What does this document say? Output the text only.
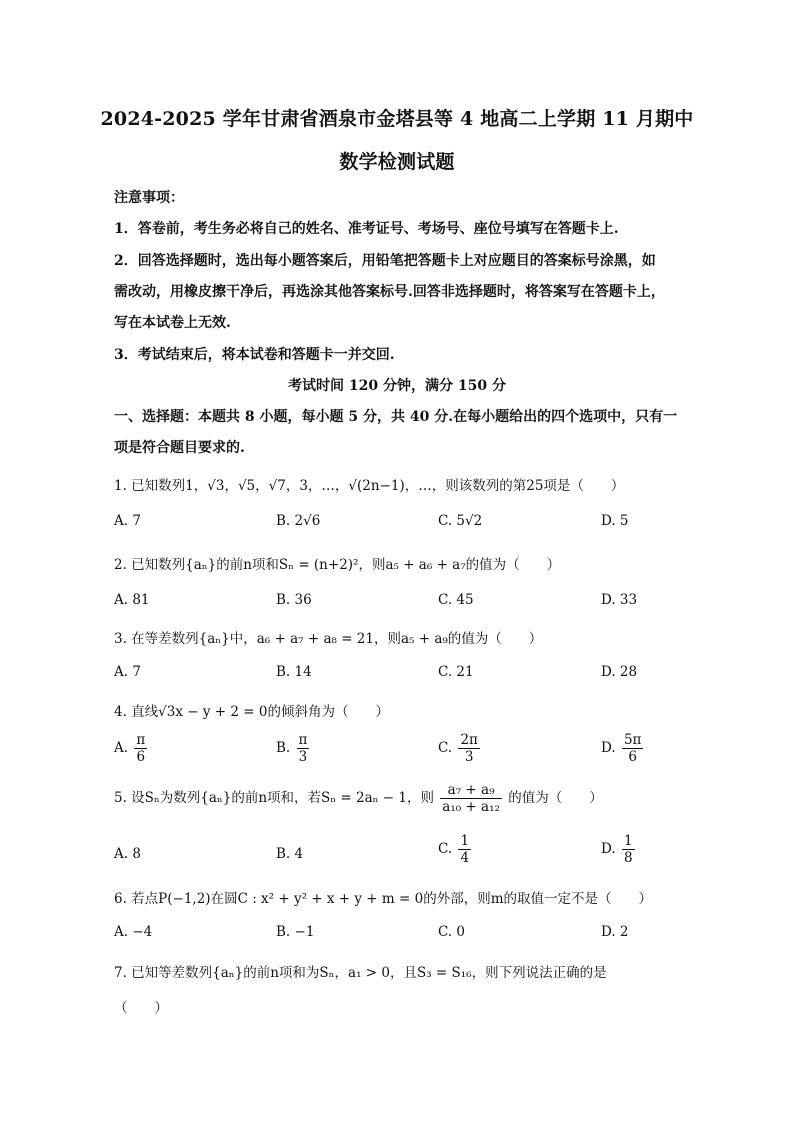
2024-2025 学年甘肃省酒泉市金塔县等 4 地高二上学期 11 月期中
数学检测试题
注意事项：
1．答卷前，考生务必将自己的姓名、准考证号、考场号、座位号填写在答题卡上.
2．回答选择题时，选出每小题答案后，用铅笔把答题卡上对应题目的答案标号涂黑，如
需改动，用橡皮擦干净后，再选涂其他答案标号.回答非选择题时，将答案写在答题卡上，
写在本试卷上无效.
3．考试结束后，将本试卷和答题卡一并交回.
考试时间 120 分钟，满分 150 分
一、选择题：本题共 8 小题，每小题 5 分，共 40 分.在每小题给出的四个选项中，只有一
项是符合题目要求的.
1. 已知数列1，√3，√5，√7，3，…，√(2n−1)，…，则该数列的第25项是（　　）
A. 7	B. 2√6	C. 5√2	D. 5
2. 已知数列{aₙ}的前n项和Sₙ = (n+2)²，则a₅ + a₆ + a₇的值为（　　）
A. 81	B. 36	C. 45	D. 33
3. 在等差数列{aₙ}中，a₆ + a₇ + a₈ = 21，则a₅ + a₉的值为（　　）
A. 7	B. 14	C. 21	D. 28
4. 直线√3x − y + 2 = 0的倾斜角为（　　）
A. $\frac{\pi}{6}$	B. $\frac{\pi}{3}$	C. $\frac{2\pi}{3}$	D. $\frac{5\pi}{6}$
5. 设Sₙ为数列{aₙ}的前n项和，若Sₙ = 2aₙ − 1，则 $\frac{\text{a₇ + a₉}}{\text{a₁₀ + a₁₂}}$ 的值为（　　）
A. 8	B. 4	C. $\frac{1}{4}$	D. $\frac{1}{8}$
6. 若点P(−1,2)在圆C : x² + y² + x + y + m = 0的外部，则m的取值一定不是（　　）
A. −4	B. −1	C. 0	D. 2
7. 已知等差数列{aₙ}的前n项和为Sₙ，a₁ > 0，且S₃ = S₁₆，则下列说法正确的是
（　　）
